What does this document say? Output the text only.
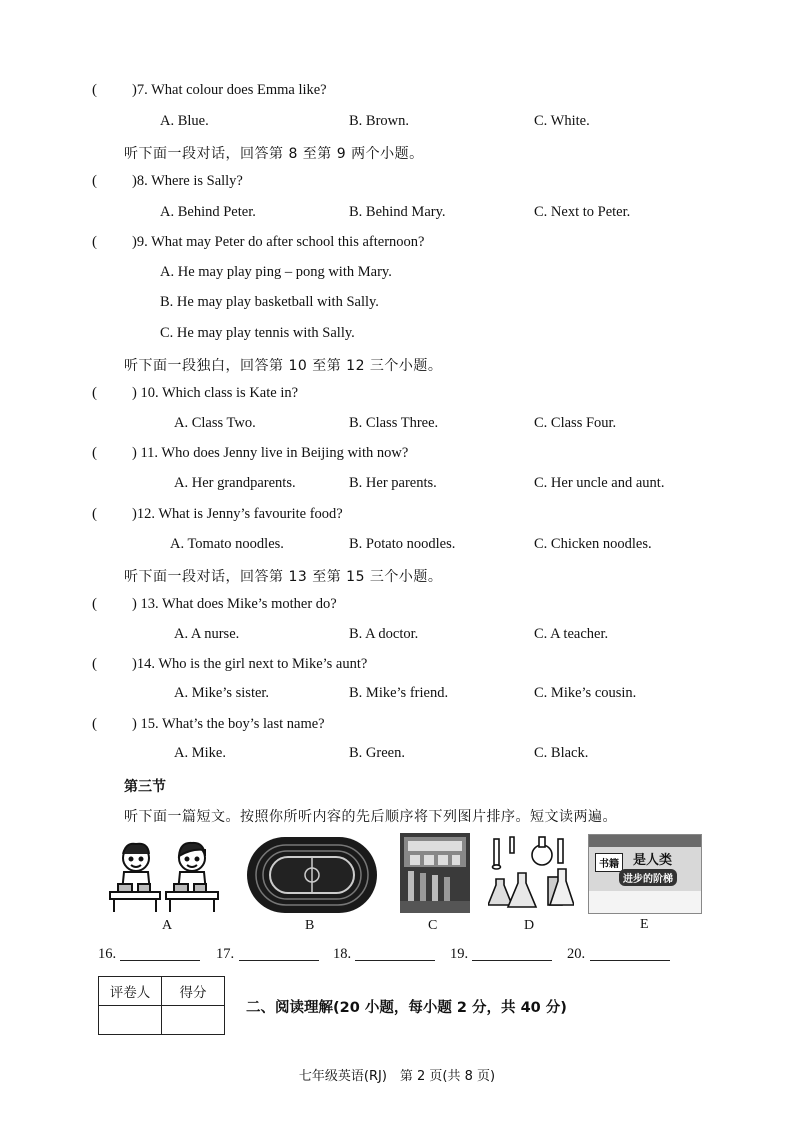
( )7. What colour does Emma like?
A. Blue.	B. Brown.	C. White.
听下面一段对话，回答第 8 至第 9 两个小题。
( )8. Where is Sally?
A. Behind Peter.	B. Behind Mary.	C. Next to Peter.
( )9. What may Peter do after school this afternoon?
A. He may play ping – pong with Mary.
B. He may play basketball with Sally.
C. He may play tennis with Sally.
听下面一段独白，回答第 10 至第 12 三个小题。
( ) 10. Which class is Kate in?
A. Class Two.	B. Class Three.	C. Class Four.
( ) 11. Who does Jenny live in Beijing with now?
A. Her grandparents.	B. Her parents.	C. Her uncle and aunt.
( )12. What is Jenny’s favourite food?
A. Tomato noodles.	B. Potato noodles.	C. Chicken noodles.
听下面一段对话，回答第 13 至第 15 三个小题。
( ) 13. What does Mike’s mother do?
A. A nurse.	B. A doctor.	C. A teacher.
( )14. Who is the girl next to Mike’s aunt?
A. Mike’s sister.	B. Mike’s friend.	C. Mike’s cousin.
( ) 15. What’s the boy’s last name?
A. Mike.	B. Green.	C. Black.
第三节
听下面一篇短文。按照你所听内容的先后顺序将下列图片排序。短文读两遍。
A	B	C	D
书籍	是人类
进步的阶梯
E
16.	17.	18.	19.	20.
评卷人	得分

二、阅读理解(20 小题，每小题 2 分，共 40 分)
七年级英语(RJ)　第 2 页(共 8 页)
